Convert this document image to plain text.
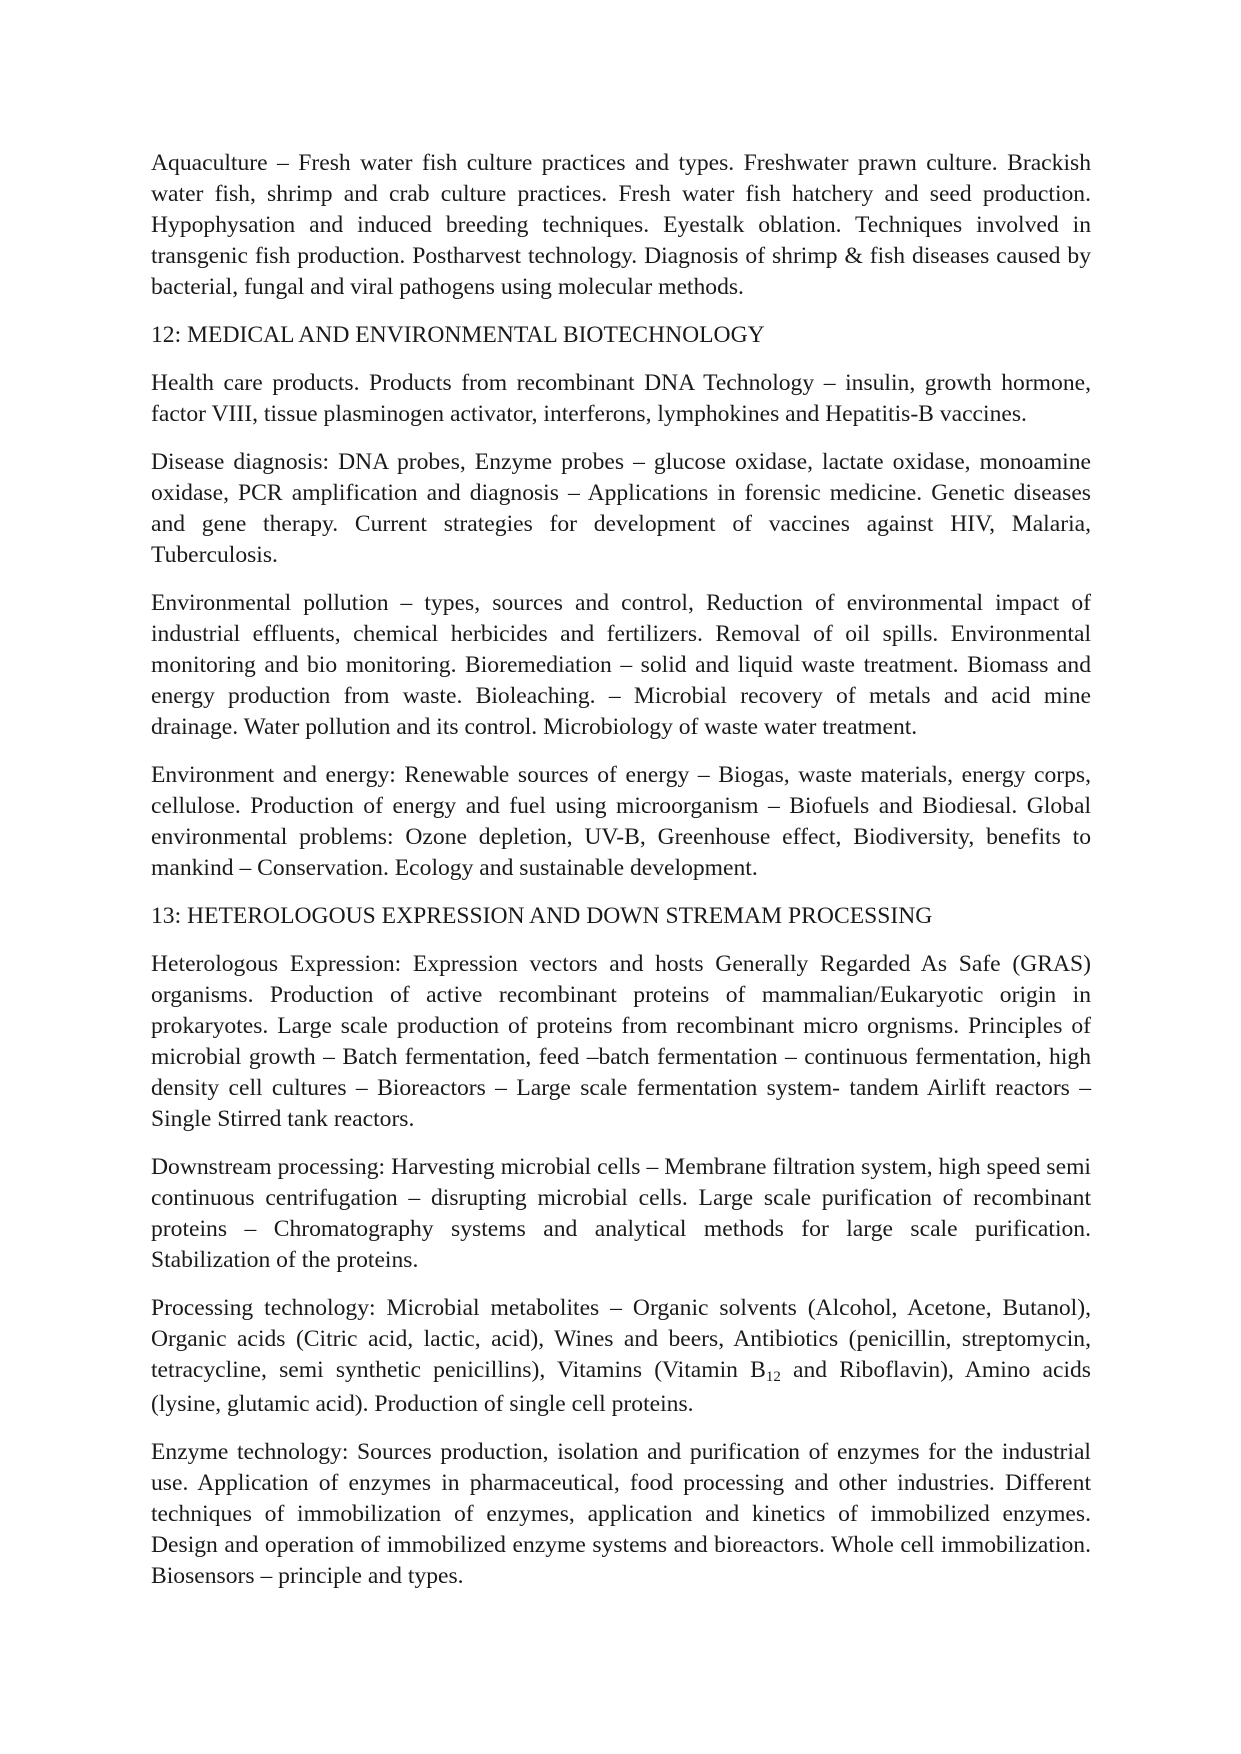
Aquaculture – Fresh water fish culture practices and types. Freshwater prawn culture. Brackish water fish, shrimp and crab culture practices. Fresh water fish hatchery and seed production. Hypophysation and induced breeding techniques. Eyestalk oblation. Techniques involved in transgenic fish production. Postharvest technology. Diagnosis of shrimp & fish diseases caused by bacterial, fungal and viral pathogens using molecular methods.

12: MEDICAL AND ENVIRONMENTAL BIOTECHNOLOGY

Health care products. Products from recombinant DNA Technology – insulin, growth hormone, factor VIII, tissue plasminogen activator, interferons, lymphokines and Hepatitis-B vaccines.

Disease diagnosis: DNA probes, Enzyme probes – glucose oxidase, lactate oxidase, monoamine oxidase, PCR amplification and diagnosis – Applications in forensic medicine. Genetic diseases and gene therapy. Current strategies for development of vaccines against HIV, Malaria, Tuberculosis.

Environmental pollution – types, sources and control, Reduction of environmental impact of industrial effluents, chemical herbicides and fertilizers. Removal of oil spills. Environmental monitoring and bio monitoring. Bioremediation – solid and liquid waste treatment. Biomass and energy production from waste. Bioleaching. – Microbial recovery of metals and acid mine drainage. Water pollution and its control. Microbiology of waste water treatment.

Environment and energy: Renewable sources of energy – Biogas, waste materials, energy corps, cellulose. Production of energy and fuel using microorganism – Biofuels and Biodiesal. Global environmental problems: Ozone depletion, UV-B, Greenhouse effect, Biodiversity, benefits to mankind – Conservation. Ecology and sustainable development.

13: HETEROLOGOUS EXPRESSION AND DOWN STREMAM PROCESSING

Heterologous Expression: Expression vectors and hosts Generally Regarded As Safe (GRAS) organisms. Production of active recombinant proteins of mammalian/Eukaryotic origin in prokaryotes. Large scale production of proteins from recombinant micro orgnisms. Principles of microbial growth – Batch fermentation, feed –batch fermentation – continuous fermentation, high density cell cultures – Bioreactors – Large scale fermentation system- tandem Airlift reactors – Single Stirred tank reactors.

Downstream processing: Harvesting microbial cells – Membrane filtration system, high speed semi continuous centrifugation – disrupting microbial cells. Large scale purification of recombinant proteins – Chromatography systems and analytical methods for large scale purification. Stabilization of the proteins.

Processing technology: Microbial metabolites – Organic solvents (Alcohol, Acetone, Butanol), Organic acids (Citric acid, lactic, acid), Wines and beers, Antibiotics (penicillin, streptomycin, tetracycline, semi synthetic penicillins), Vitamins (Vitamin B12 and Riboflavin), Amino acids (lysine, glutamic acid). Production of single cell proteins.

Enzyme technology: Sources production, isolation and purification of enzymes for the industrial use. Application of enzymes in pharmaceutical, food processing and other industries. Different techniques of immobilization of enzymes, application and kinetics of immobilized enzymes. Design and operation of immobilized enzyme systems and bioreactors. Whole cell immobilization. Biosensors – principle and types.
